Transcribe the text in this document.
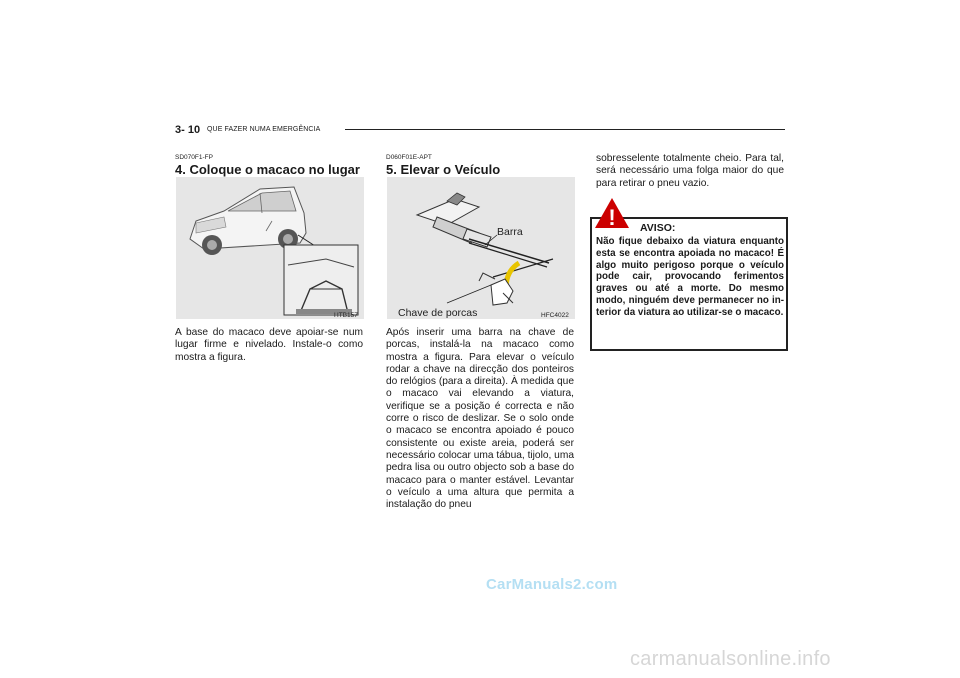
3- 10 QUE FAZER NUMA EMERGÊNCIA
SD070F1-FP
4. Coloque o macaco no lugar
HTB157
A base do macaco deve apoiar-se num lugar firme e nivelado. Instale-o como mostra a figura.
D060F01E-APT
5. Elevar o Veículo
Barra
Chave de porcas	HFC4022
Após inserir uma barra na chave de porcas, instalá-la na macaco como mostra a figura. Para elevar o veículo rodar a chave na direcção dos ponteiros do relógios (para a direita). À medida que o macaco vai elevando a viatura, verifique se a posição é correcta e não corre o risco de deslizar. Se o solo onde o macaco se encontra apoiado é pouco consistente ou existe areia, poderá ser necessário colocar uma tábua, tijolo, uma pedra lisa ou outro objecto sob a base do macaco para o manter estável. Levantar o veículo a uma altura que permita a instalação do pneu
sobresselente totalmente cheio. Para tal, será necessário uma folga maior do que para retirar o pneu vazio.
! AVISO:
Não fique debaixo da viatura enquanto esta se encontra apoiada no macaco! É algo muito perigoso porque o veículo pode cair, provocando ferimentos graves ou até a morte. Do mesmo modo, ninguém deve permanecer no in-terior da viatura ao utilizar-se o macaco.
CarManuals2.com
carmanualsonline.info
